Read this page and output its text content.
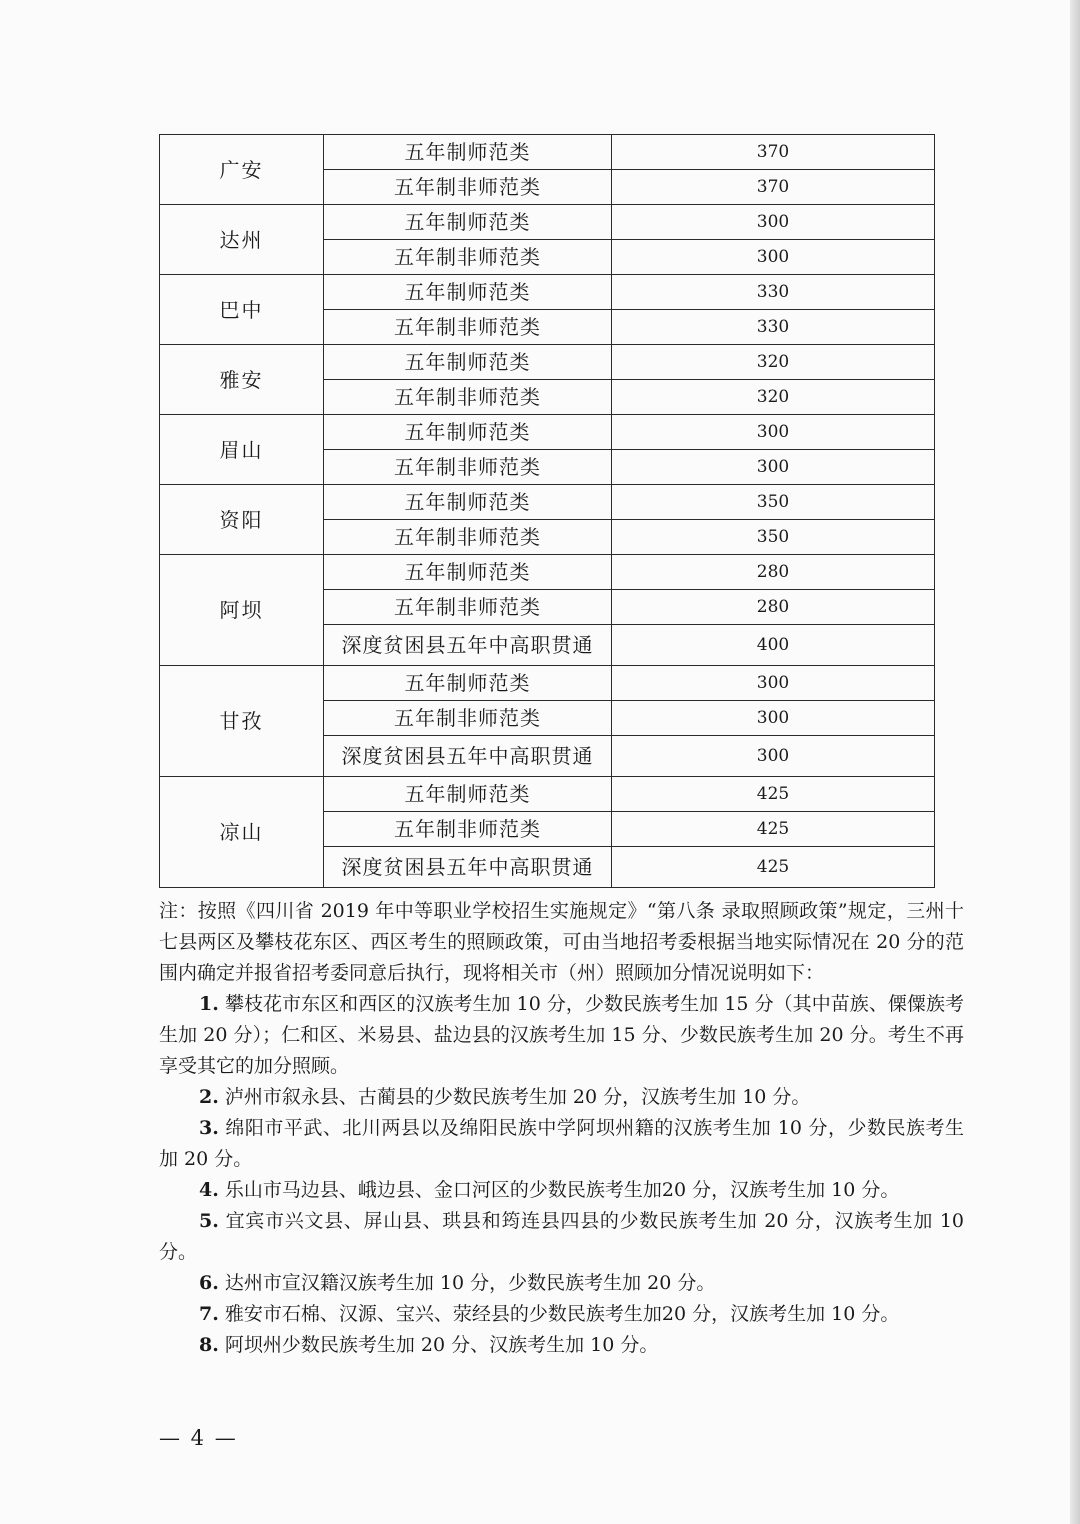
广安	五年制师范类	370
	五年制非师范类	370
达州	五年制师范类	300
	五年制非师范类	300
巴中	五年制师范类	330
	五年制非师范类	330
雅安	五年制师范类	320
	五年制非师范类	320
眉山	五年制师范类	300
	五年制非师范类	300
资阳	五年制师范类	350
	五年制非师范类	350
阿坝	五年制师范类	280
	五年制非师范类	280
	深度贫困县五年中高职贯通	400
甘孜	五年制师范类	300
	五年制非师范类	300
	深度贫困县五年中高职贯通	300
凉山	五年制师范类	425
	五年制非师范类	425
	深度贫困县五年中高职贯通	425

注：按照《四川省 2019 年中等职业学校招生实施规定》“第八条 录取照顾政策”规定，三州十七县两区及攀枝花东区、西区考生的照顾政策，可由当地招考委根据当地实际情况在 20 分的范围内确定并报省招考委同意后执行，现将相关市（州）照顾加分情况说明如下：

1. 攀枝花市东区和西区的汉族考生加 10 分，少数民族考生加 15 分（其中苗族、傈僳族考生加 20 分）；仁和区、米易县、盐边县的汉族考生加 15 分、少数民族考生加 20 分。考生不再享受其它的加分照顾。

2. 泸州市叙永县、古蔺县的少数民族考生加 20 分，汉族考生加 10 分。

3. 绵阳市平武、北川两县以及绵阳民族中学阿坝州籍的汉族考生加 10 分，少数民族考生加 20 分。

4. 乐山市马边县、峨边县、金口河区的少数民族考生加20 分，汉族考生加 10 分。

5. 宜宾市兴文县、屏山县、珙县和筠连县四县的少数民族考生加 20 分，汉族考生加 10 分。

6. 达州市宣汉籍汉族考生加 10 分，少数民族考生加 20 分。

7. 雅安市石棉、汉源、宝兴、荥经县的少数民族考生加20 分，汉族考生加 10 分。

8. 阿坝州少数民族考生加 20 分、汉族考生加 10 分。

— 4 —
